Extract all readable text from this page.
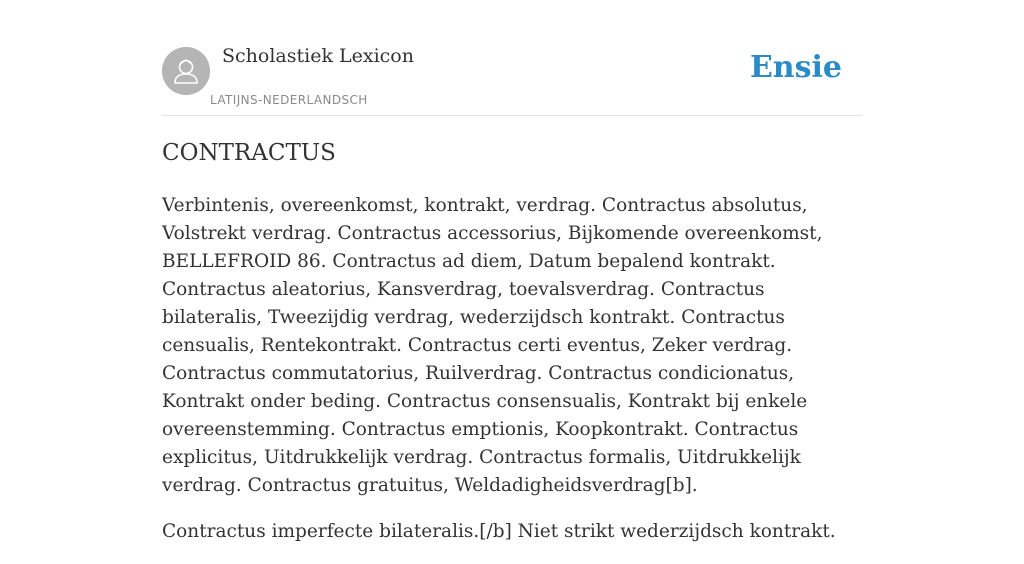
Scholastiek Lexicon
LATIJNS-NEDERLANDSCH
Ensie
CONTRACTUS

Verbintenis, overeenkomst, kontrakt, verdrag. Contractus absolutus, Volstrekt verdrag. Contractus accessorius, Bijkomende overeenkomst, BELLEFROID 86. Contractus ad diem, Datum bepalend kontrakt. Contractus aleatorius, Kansverdrag, toevalsverdrag. Contractus bilateralis, Tweezijdig verdrag, wederzijdsch kontrakt. Contractus censualis, Rentekontrakt. Contractus certi eventus, Zeker verdrag. Contractus commutatorius, Ruilverdrag. Contractus condicionatus, Kontrakt onder beding. Contractus consensualis, Kontrakt bij enkele overeenstemming. Contractus emptionis, Koopkontrakt. Contractus explicitus, Uitdrukkelijk verdrag. Contractus formalis, Uitdrukkelijk verdrag. Contractus gratuitus, Weldadigheidsverdrag[b].

Contractus imperfecte bilateralis.[/b] Niet strikt wederzijdsch kontrakt.
